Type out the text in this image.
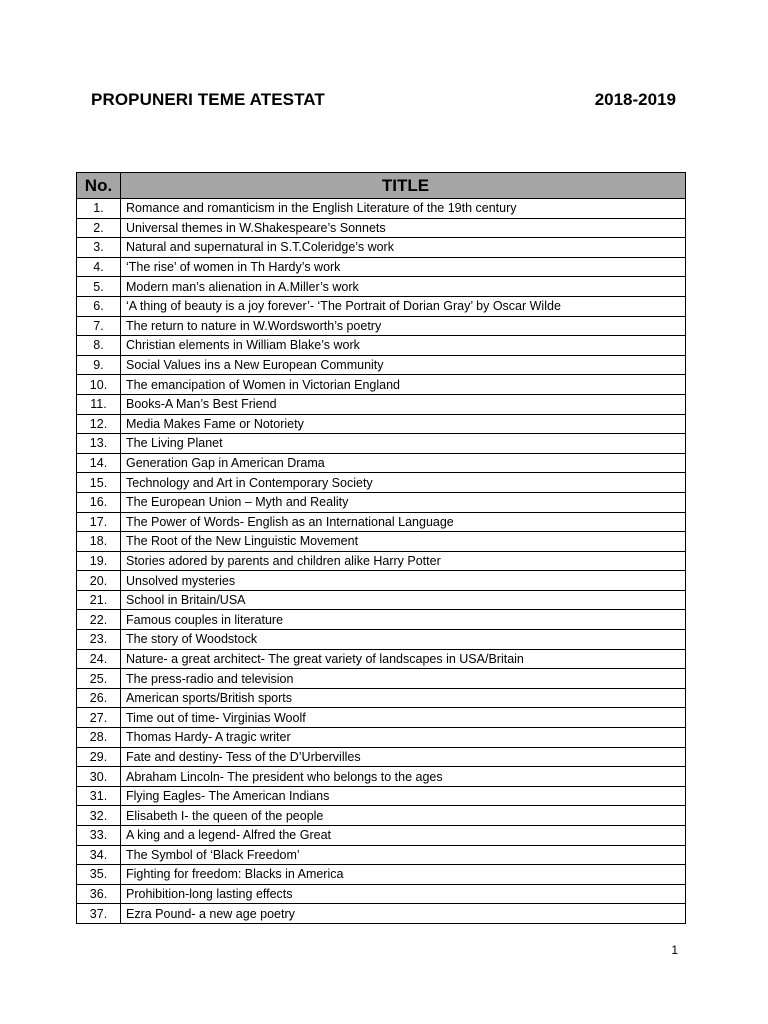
PROPUNERI TEME ATESTAT	2018-2019
No.	TITLE
1.	Romance and romanticism in the English Literature of the 19th century
2.	Universal themes in W.Shakespeare’s Sonnets
3.	Natural and supernatural in S.T.Coleridge’s work
4.	‘The rise’ of women in Th Hardy’s work
5.	Modern man’s alienation in A.Miller’s work
6.	‘A thing of beauty is a joy forever’- ‘The Portrait of Dorian Gray’ by Oscar Wilde
7.	The return to nature in W.Wordsworth’s poetry
8.	Christian elements in William Blake’s work
9.	Social Values ins a New European Community
10.	The emancipation of Women in Victorian England
11.	Books-A Man’s Best Friend
12.	Media Makes Fame or Notoriety
13.	The Living Planet
14.	Generation Gap in American Drama
15.	Technology and Art in Contemporary Society
16.	The European Union – Myth and Reality
17.	The Power of Words- English as an International Language
18.	The Root of the New Linguistic Movement
19.	Stories adored by parents and children alike Harry Potter
20.	Unsolved mysteries
21.	School in Britain/USA
22.	Famous couples in literature
23.	The story of Woodstock
24.	Nature- a great architect- The great variety of landscapes in USA/Britain
25.	The press-radio and television
26.	American sports/British sports
27.	Time out of time- Virginias Woolf
28.	Thomas Hardy- A tragic writer
29.	Fate and destiny- Tess of the D’Urbervilles
30.	Abraham Lincoln- The president who belongs to the ages
31.	Flying Eagles- The American Indians
32.	Elisabeth I- the queen of the people
33.	A king and a legend- Alfred the Great
34.	The Symbol of ‘Black Freedom’
35.	Fighting for freedom: Blacks in America
36.	Prohibition-long lasting effects
37.	Ezra Pound- a new age poetry
1
